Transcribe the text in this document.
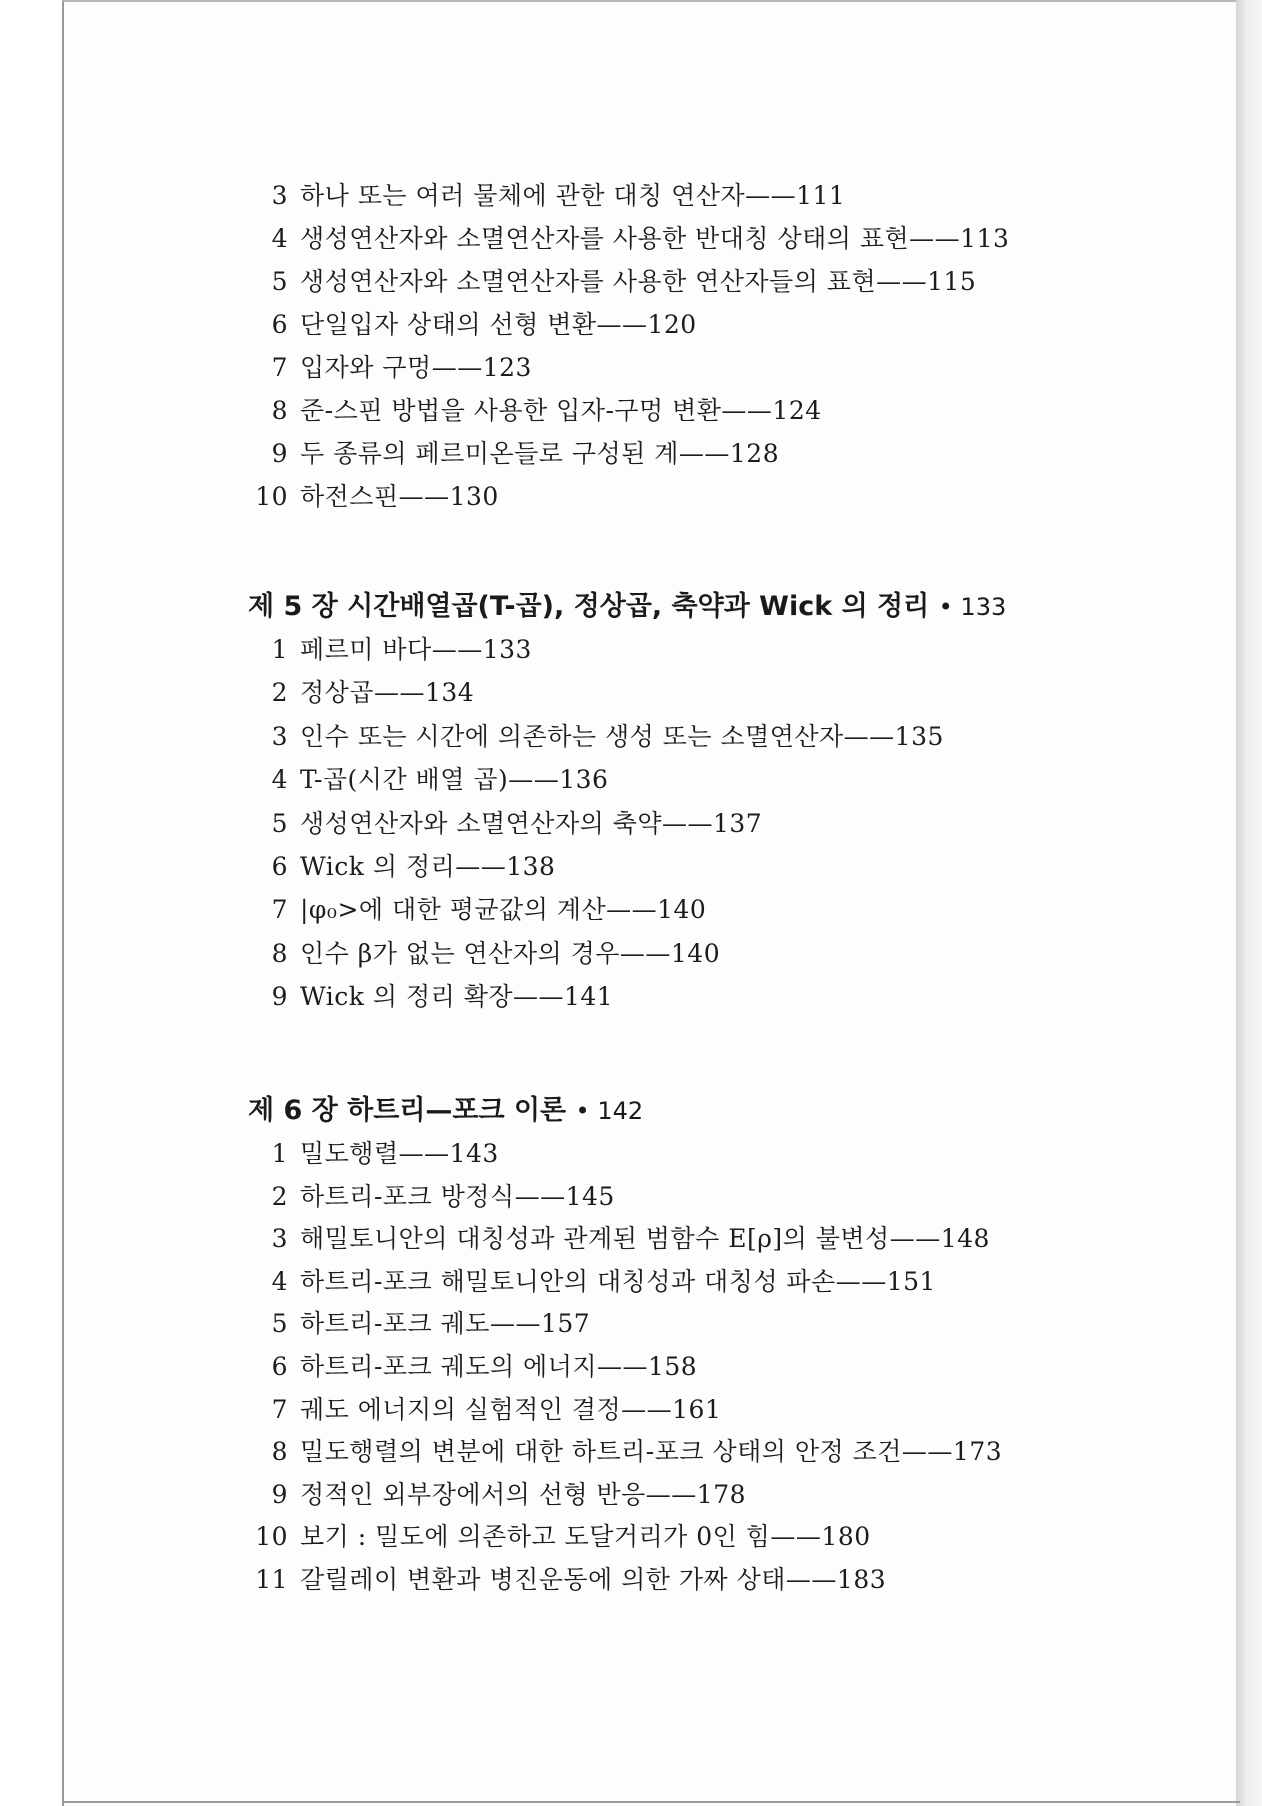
3 하나 또는 여러 물체에 관한 대칭 연산자——111
4 생성연산자와 소멸연산자를 사용한 반대칭 상태의 표현——113
5 생성연산자와 소멸연산자를 사용한 연산자들의 표현——115
6 단일입자 상태의 선형 변환——120
7 입자와 구멍——123
8 준-스핀 방법을 사용한 입자-구멍 변환——124
9 두 종류의 페르미온들로 구성된 계——128
10 하전스핀——130
제 5 장 시간배열곱(T-곱), 정상곱, 축약과 Wick 의 정리 • 133
1 페르미 바다——133
2 정상곱——134
3 인수 또는 시간에 의존하는 생성 또는 소멸연산자——135
4 T-곱(시간 배열 곱)——136
5 생성연산자와 소멸연산자의 축약——137
6 Wick 의 정리——138
7 |φ₀>에 대한 평균값의 계산——140
8 인수 β가 없는 연산자의 경우——140
9 Wick 의 정리 확장——141
제 6 장 하트리—포크 이론 • 142
1 밀도행렬——143
2 하트리-포크 방정식——145
3 해밀토니안의 대칭성과 관계된 범함수 E[ρ]의 불변성——148
4 하트리-포크 해밀토니안의 대칭성과 대칭성 파손——151
5 하트리-포크 궤도——157
6 하트리-포크 궤도의 에너지——158
7 궤도 에너지의 실험적인 결정——161
8 밀도행렬의 변분에 대한 하트리-포크 상태의 안정 조건——173
9 정적인 외부장에서의 선형 반응——178
10 보기 : 밀도에 의존하고 도달거리가 0인 힘——180
11 갈릴레이 변환과 병진운동에 의한 가짜 상태——183
